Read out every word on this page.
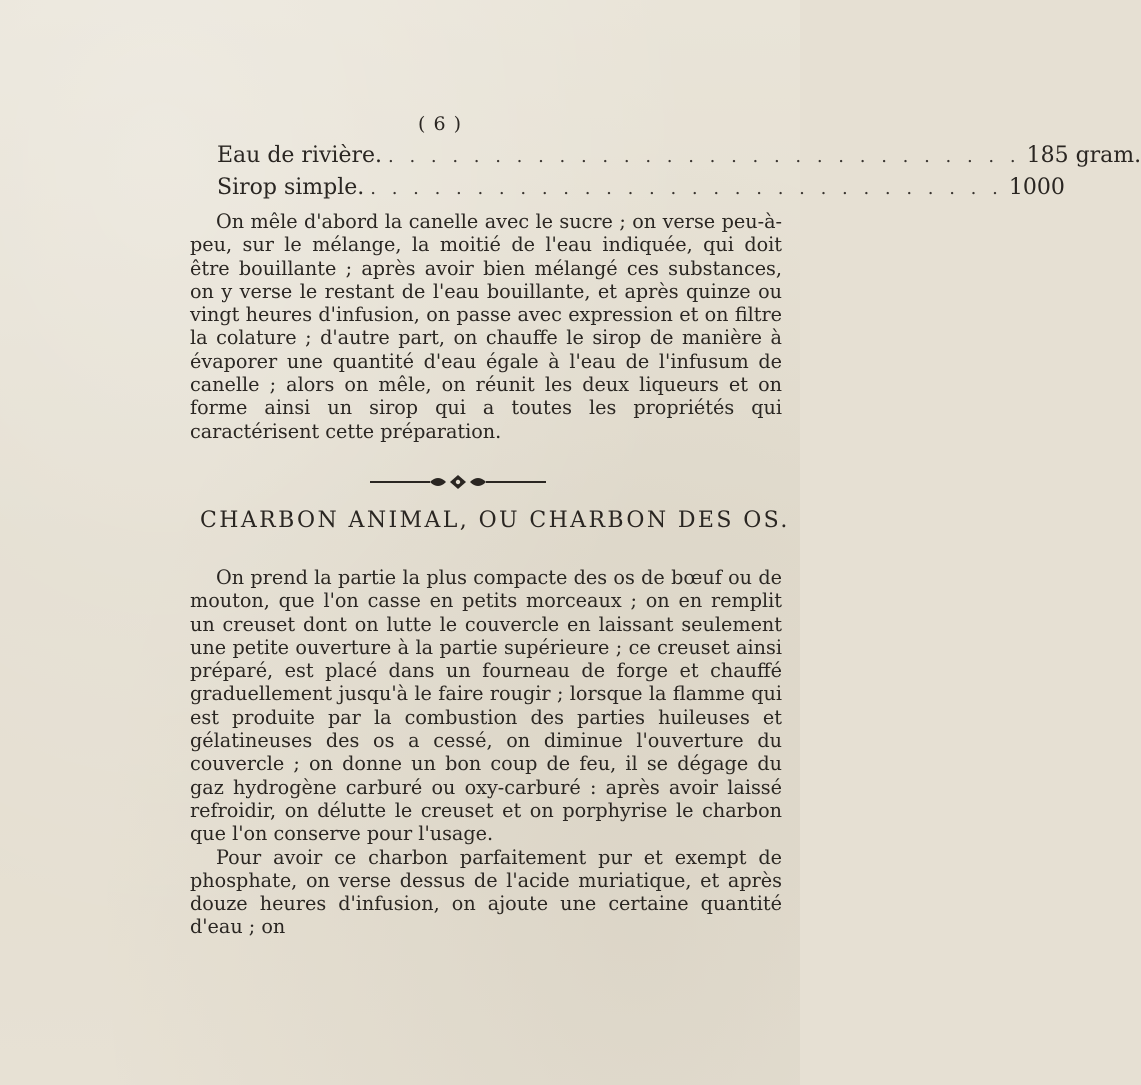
( 6 )
Eau de rivière. . . . . . . . . . . . . . . . . . . . . . . . . . . . . . . 185 gram.
Sirop simple. . . . . . . . . . . . . . . . . . . . . . . . . . . . . . . 1000

On mêle d'abord la canelle avec le sucre ; on verse peu-à-peu, sur le mélange, la moitié de l'eau indiquée, qui doit être bouillante ; après avoir bien mélangé ces substances, on y verse le restant de l'eau bouillante, et après quinze ou vingt heures d'infusion, on passe avec expression et on filtre la colature ; d'autre part, on chauffe le sirop de manière à évaporer une quantité d'eau égale à l'eau de l'infusum de canelle ; alors on mêle, on réunit les deux liqueurs et on forme ainsi un sirop qui a toutes les propriétés qui caractérisent cette préparation.

CHARBON ANIMAL, OU CHARBON DES OS.

On prend la partie la plus compacte des os de bœuf ou de mouton, que l'on casse en petits morceaux ; on en remplit un creuset dont on lutte le couvercle en laissant seulement une petite ouverture à la partie supérieure ; ce creuset ainsi préparé, est placé dans un fourneau de forge et chauffé graduellement jusqu'à le faire rougir ; lorsque la flamme qui est produite par la combustion des parties huileuses et gélatineuses des os a cessé, on diminue l'ouverture du couvercle ; on donne un bon coup de feu, il se dégage du gaz hydrogène carburé ou oxy-carburé : après avoir laissé refroidir, on délutte le creuset et on porphyrise le charbon que l'on conserve pour l'usage.

Pour avoir ce charbon parfaitement pur et exempt de phosphate, on verse dessus de l'acide muriatique, et après douze heures d'infusion, on ajoute une certaine quantité d'eau ; on
